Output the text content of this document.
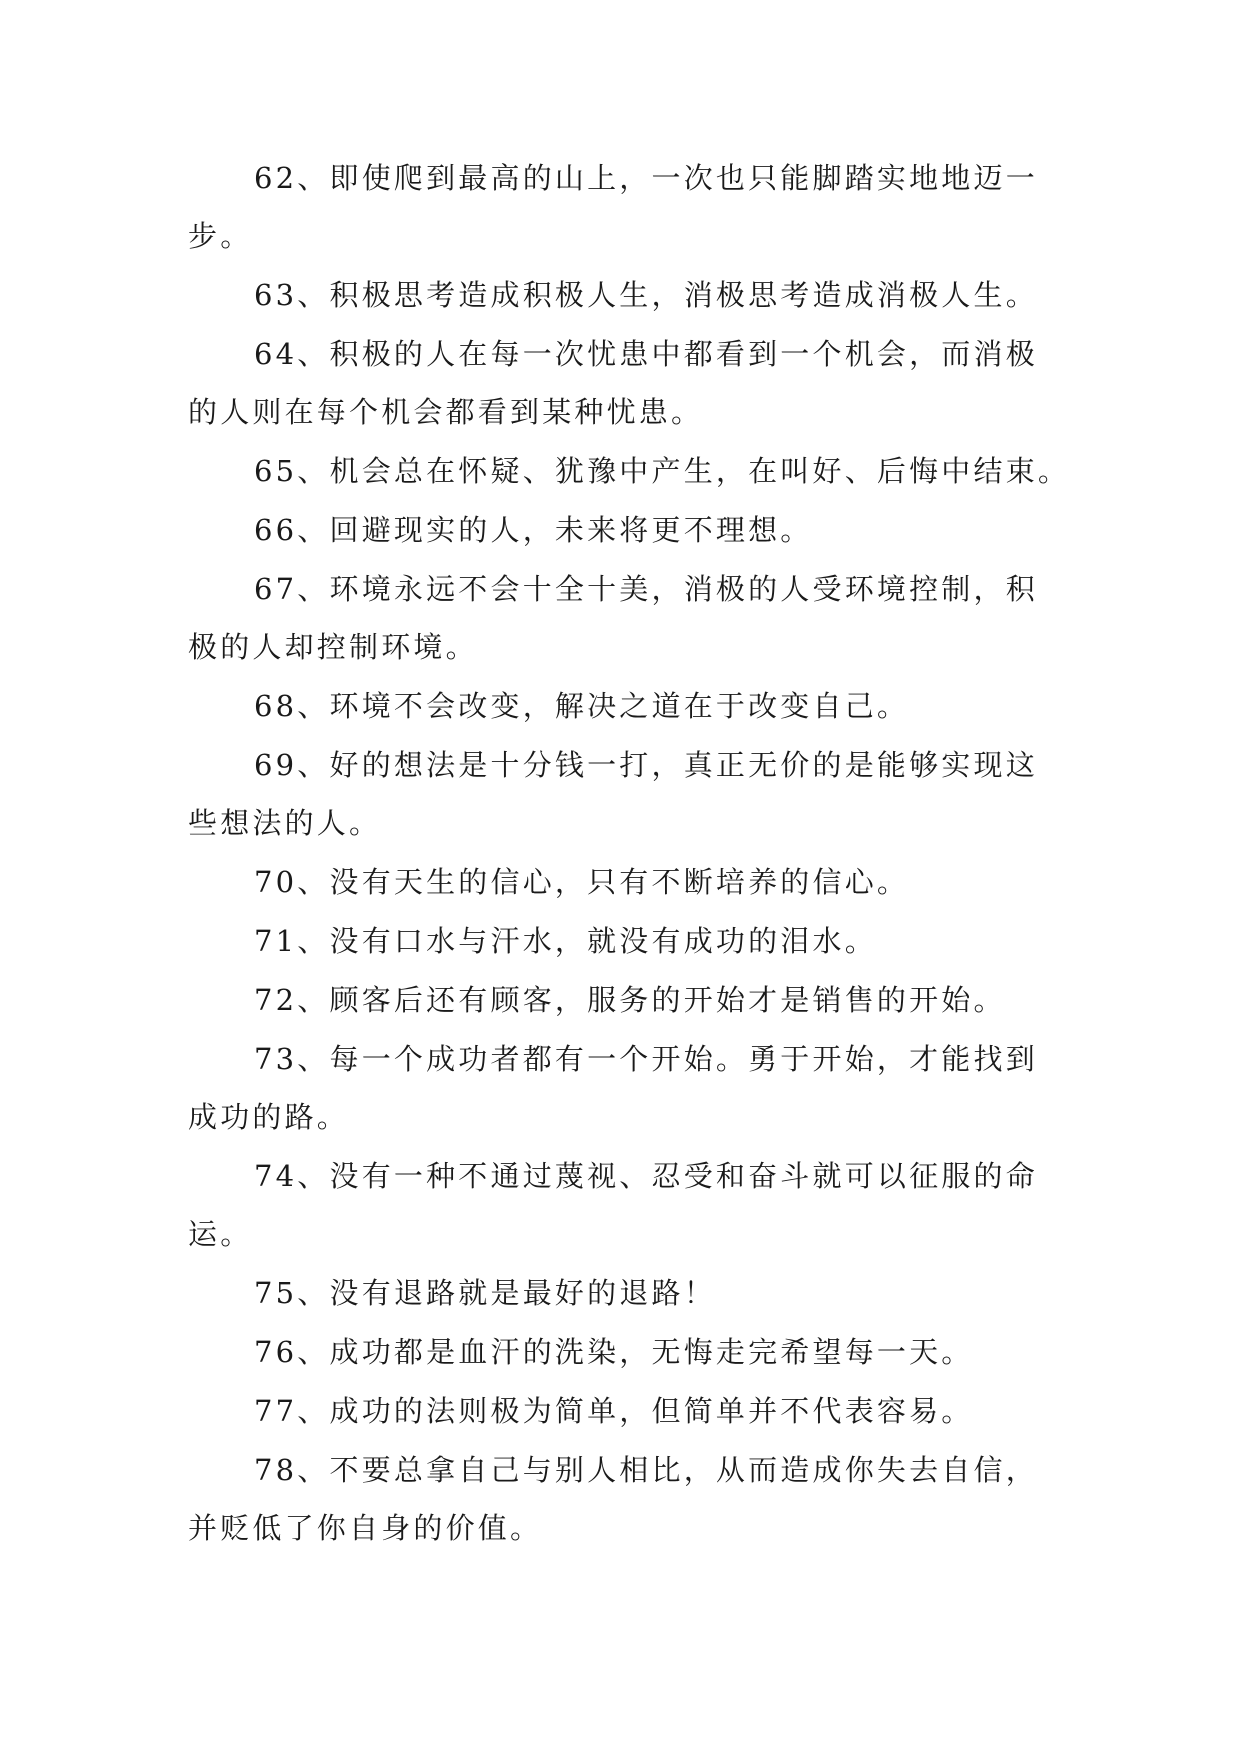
62、即使爬到最高的山上，一次也只能脚踏实地地迈一
步。
63、积极思考造成积极人生，消极思考造成消极人生。
64、积极的人在每一次忧患中都看到一个机会，而消极
的人则在每个机会都看到某种忧患。
65、机会总在怀疑、犹豫中产生，在叫好、后悔中结束。
66、回避现实的人，未来将更不理想。
67、环境永远不会十全十美，消极的人受环境控制，积
极的人却控制环境。
68、环境不会改变，解决之道在于改变自己。
69、好的想法是十分钱一打，真正无价的是能够实现这
些想法的人。
70、没有天生的信心，只有不断培养的信心。
71、没有口水与汗水，就没有成功的泪水。
72、顾客后还有顾客，服务的开始才是销售的开始。
73、每一个成功者都有一个开始。勇于开始，才能找到
成功的路。
74、没有一种不通过蔑视、忍受和奋斗就可以征服的命
运。
75、没有退路就是最好的退路！
76、成功都是血汗的洗染，无悔走完希望每一天。
77、成功的法则极为简单，但简单并不代表容易。
78、不要总拿自己与别人相比，从而造成你失去自信，
并贬低了你自身的价值。
